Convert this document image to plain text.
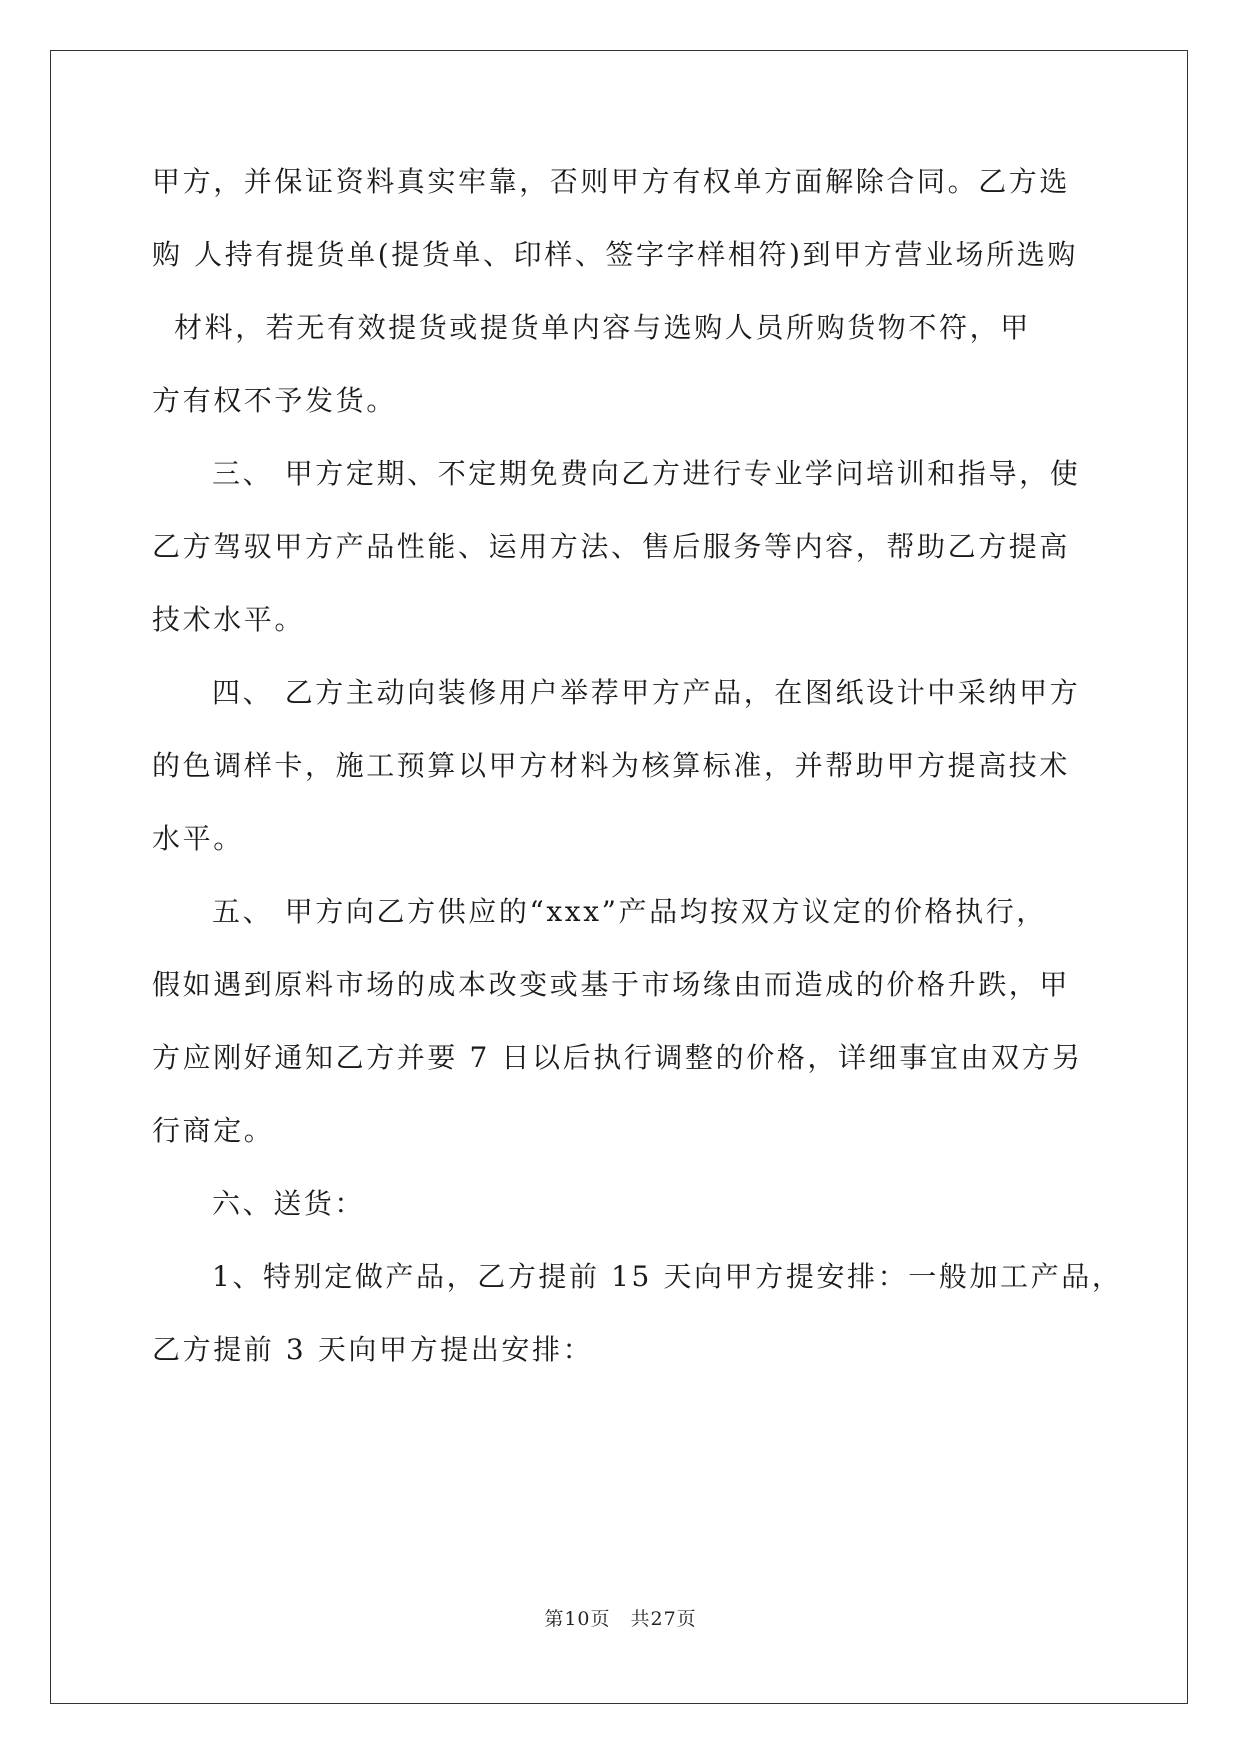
甲方，并保证资料真实牢靠，否则甲方有权单方面解除合同。乙方选
购 人持有提货单(提货单、印样、签字字样相符)到甲方营业场所选购
材料，若无有效提货或提货单内容与选购人员所购货物不符，甲
方有权不予发货。
三、 甲方定期、不定期免费向乙方进行专业学问培训和指导，使
乙方驾驭甲方产品性能、运用方法、售后服务等内容，帮助乙方提高
技术水平。
四、 乙方主动向装修用户举荐甲方产品，在图纸设计中采纳甲方
的色调样卡，施工预算以甲方材料为核算标准，并帮助甲方提高技术
水平。
五、 甲方向乙方供应的“xxx”产品均按双方议定的价格执行，
假如遇到原料市场的成本改变或基于市场缘由而造成的价格升跌，甲
方应刚好通知乙方并要 7 日以后执行调整的价格，详细事宜由双方另
行商定。
六、送货：
1、特别定做产品，乙方提前 15 天向甲方提安排：一般加工产品，
乙方提前 3 天向甲方提出安排：
第10页　共27页
